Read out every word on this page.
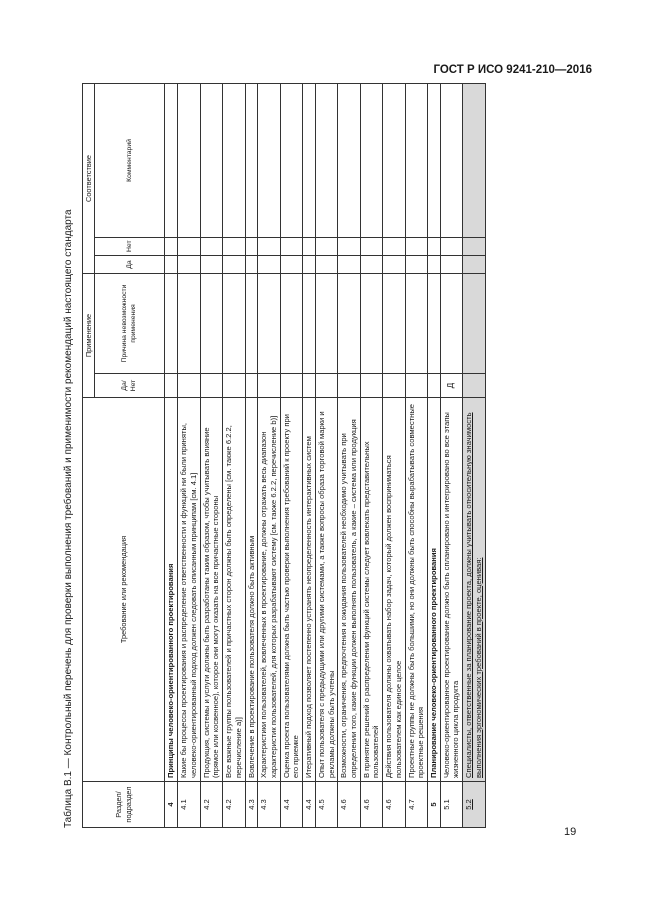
ГОСТ Р ИСО 9241-210—2016
Таблица В.1 — Контрольный перечень для проверки выполнения требований и применимости рекомендаций настоящего стандарта	Раздел/ подраздел	Требование или рекомендация	Применение		Соответствие		
		Да/ Нет	Причина невозможности применения	Да	Нет	Комментарий
4	Принципы человеко-ориентированного проектирования					
4.1	Какие бы процессы проектирования и распределение ответственности и функций ни были приняты, человеко-ориентированный подход должен следовать описанным принципам [см. 4.1]					
4.2	Продукция, системы и услуги должны быть разработаны таким образом, чтобы учитывать влияние (прямое или косвенное), которое они могут оказать на все причастные стороны					
4.2	Все важные группы пользователей и причастных сторон должны быть определены [см. также 6.2.2, перечисление a)]					
4.3	Вовлечение в проектирование пользователя должно быть активным					
4.3	Характеристики пользователей, вовлеченных в проектирование, должны отражать весь диапазон характеристик пользователей, для которых разрабатывают систему [см. также 6.2.2, перечисление b)]					
4.4	Оценка проекта пользователями должна быть частью проверки выполнения требований к проекту при его приемке					
4.4	Итеративный подход позволяет постепенно устранять неопределенность интерактивных систем					
4.5	Опыт пользователя с предыдущими или другими системами, а также вопросы образа торговой марки и рекламы должны быть учтены					
4.6	Возможности, ограничения, предпочтения и ожидания пользователей необходимо учитывать при определении того, какие функции должен выполнять пользователь, а какие – система или продукция					
4.6	В принятие решений о распределении функций системы следует вовлекать представительных пользователей					
4.6	Действия пользователя должны охватывать набор задач, который должен восприниматься пользователем как единое целое					
4.7	Проектные группы не должны быть большими, но они должны быть способны вырабатывать совместные проектные решения					
5	Планирование человеко-ориентированного проектирования					
5.1	Человеко-ориентированное проектирование должно быть спланировано и интегрировано во все этапы жизненного цикла продукта	Д				
5.2	Специалисты, ответственные за планирование проекта, должны учитывать относительную значимость выполнения эргономических требований в проекте, оценивая:					
19
